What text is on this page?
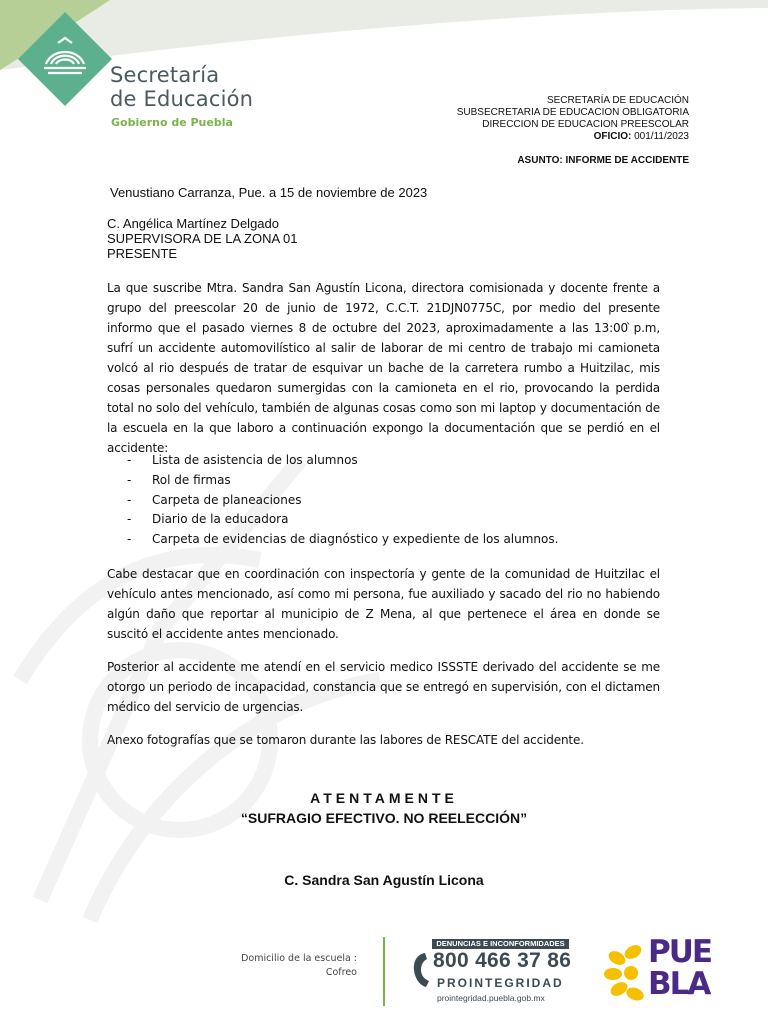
Secretaría
de Educación
Gobierno de Puebla
SECRETARÍA DE EDUCACIÓN
SUBSECRETARIA DE EDUCACION OBLIGATORIA
DIRECCION DE EDUCACION PREESCOLAR
OFICIO: 001/11/2023
ASUNTO: INFORME DE ACCIDENTE
Venustiano Carranza, Pue. a 15 de noviembre de 2023
C. Angélica Martínez Delgado
SUPERVISORA DE LA ZONA 01
PRESENTE
La que suscribe Mtra. Sandra San Agustín Licona, directora comisionada y docente frente a grupo del preescolar 20 de junio de 1972, C.C.T. 21DJN0775C, por medio del presente informo que el pasado viernes 8 de octubre del 2023, aproximadamente a las 13:00 ̀p.m, sufrí un accidente automovilístico al salir de laborar de mi centro de trabajo mi camioneta volcó al rio después de tratar de esquivar un bache de la carretera rumbo a Huitzilac, mis cosas personales quedaron sumergidas con la camioneta en el rio, provocando la perdida total no solo del vehículo, también de algunas cosas como son mi laptop y documentación de la escuela en la que laboro a continuación expongo la documentación que se perdió en el accidente:
-	Lista de asistencia de los alumnos
-	Rol de firmas
-	Carpeta de planeaciones
-	Diario de la educadora
-	Carpeta de evidencias de diagnóstico y expediente de los alumnos.
Cabe destacar que en coordinación con inspectoría y gente de la comunidad de Huitzilac el vehículo antes mencionado, así como mi persona, fue auxiliado y sacado del rio no habiendo algún daño que reportar al municipio de Z Mena, al que pertenece el área en donde se suscitó el accidente antes mencionado.
Posterior al accidente me atendí en el servicio medico ISSSTE derivado del accidente se me otorgo un periodo de incapacidad, constancia que se entregó en supervisión, con el dictamen médico del servicio de urgencias.
Anexo fotografías que se tomaron durante las labores de RESCATE del accidente.
ATENTAMENTE
“SUFRAGIO EFECTIVO. NO REELECCIÓN”
C. Sandra San Agustín Licona
Domicilio de la escuela :
Cofreo
DENUNCIAS E INCONFORMIDADES
800 466 37 86
PROINTEGRIDAD
prointegridad.puebla.gob.mx
PUE
BLA
